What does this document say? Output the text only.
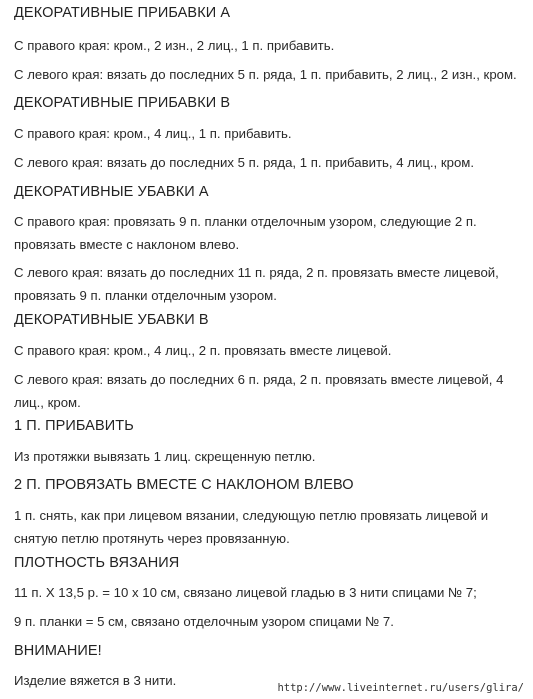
ДЕКОРАТИВНЫЕ ПРИБАВКИ А
С правого края: кром., 2 изн., 2 лиц., 1 п. прибавить.
С левого края: вязать до последних 5 п. ряда, 1 п. прибавить, 2 лиц., 2 изн., кром.
ДЕКОРАТИВНЫЕ ПРИБАВКИ В
С правого края: кром., 4 лиц., 1 п. прибавить.
С левого края: вязать до последних 5 п. ряда, 1 п. прибавить, 4 лиц., кром.
ДЕКОРАТИВНЫЕ УБАВКИ А
С правого края: провязать 9 п. планки отделочным узором, следующие 2 п. провязать вместе с наклоном влево.
С левого края: вязать до последних 11 п. ряда, 2 п. провязать вместе лицевой, провязать 9 п. планки отделочным узором.
ДЕКОРАТИВНЫЕ УБАВКИ В
С правого края: кром., 4 лиц., 2 п. провязать вместе лицевой.
С левого края: вязать до последних 6 п. ряда, 2 п. провязать вместе лицевой, 4 лиц., кром.
1 П. ПРИБАВИТЬ
Из протяжки вывязать 1 лиц. скрещенную петлю.
2 П. ПРОВЯЗАТЬ ВМЕСТЕ С НАКЛОНОМ ВЛЕВО
1 п. снять, как при лицевом вязании, следующую петлю провязать лицевой и снятую петлю протянуть через провязанную.
ПЛОТНОСТЬ ВЯЗАНИЯ
11 п. Х 13,5 р. = 10 х 10 см, связано лицевой гладью в 3 нити спицами № 7;
9 п. планки = 5 см, связано отделочным узором спицами № 7.
ВНИМАНИЕ!
Изделие вяжется в 3 нити.	http://www.liveinternet.ru/users/glira/
